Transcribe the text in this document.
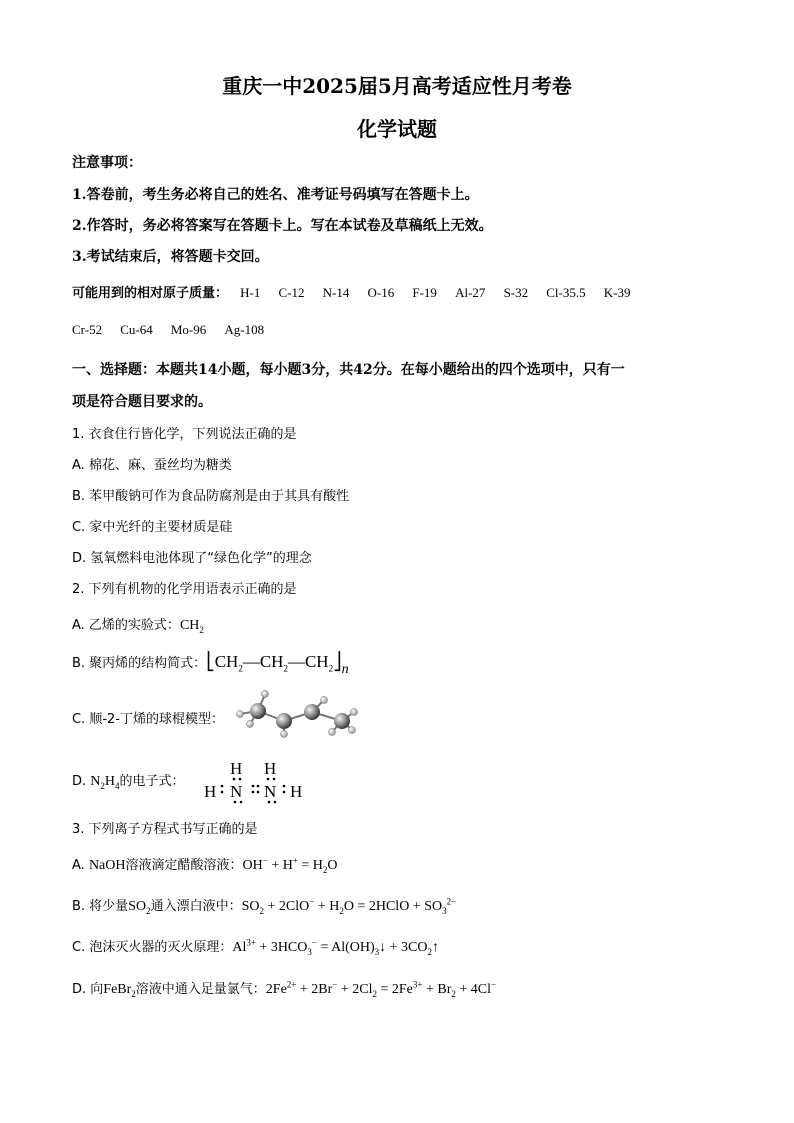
重庆一中2025届5月高考适应性月考卷
化学试题
注意事项：
1.答卷前，考生务必将自己的姓名、准考证号码填写在答题卡上。
2.作答时，务必将答案写在答题卡上。写在本试卷及草稿纸上无效。
3.考试结束后，将答题卡交回。
可能用到的相对原子质量： H-1 C-12 N-14 O-16 F-19 Al-27 S-32 Cl-35.5 K-39
Cr-52 Cu-64 Mo-96 Ag-108
一、选择题：本题共14小题，每小题3分，共42分。在每小题给出的四个选项中，只有一
项是符合题目要求的。
1. 衣食住行皆化学，下列说法正确的是
A. 棉花、麻、蚕丝均为糖类
B. 苯甲酸钠可作为食品防腐剂是由于其具有酸性
C. 家中光纤的主要材质是硅
D. 氢氧燃料电池体现了“绿色化学”的理念
2. 下列有机物的化学用语表示正确的是
A. 乙烯的实验式：$CH_2$
B. 聚丙烯的结构简式：$⎣CH_2—CH_2—CH_2⎦_n$
C. 顺-2-丁烯的球棍模型：
D. $N_2H_4$的电子式：
H H
H N N H
3. 下列离子方程式书写正确的是
A. NaOH溶液滴定醋酸溶液：$OH^- + H^+ = H_2O$
B. 将少量$SO_2$通入漂白液中：$SO_2 + 2ClO^- + H_2O$ = 2HClO + $SO_3^{2-}$
C. 泡沫灭火器的灭火原理：$Al^{3+} + 3HCO_3^-$ = $Al(OH)_3↓$ + $3CO_2↑$
D. 向FeBr$_2$溶液中通入足量氯气：$2Fe^{2+} + 2Br^- + 2Cl_2 = 2Fe^{3+} + Br_2 + 4Cl^-$
